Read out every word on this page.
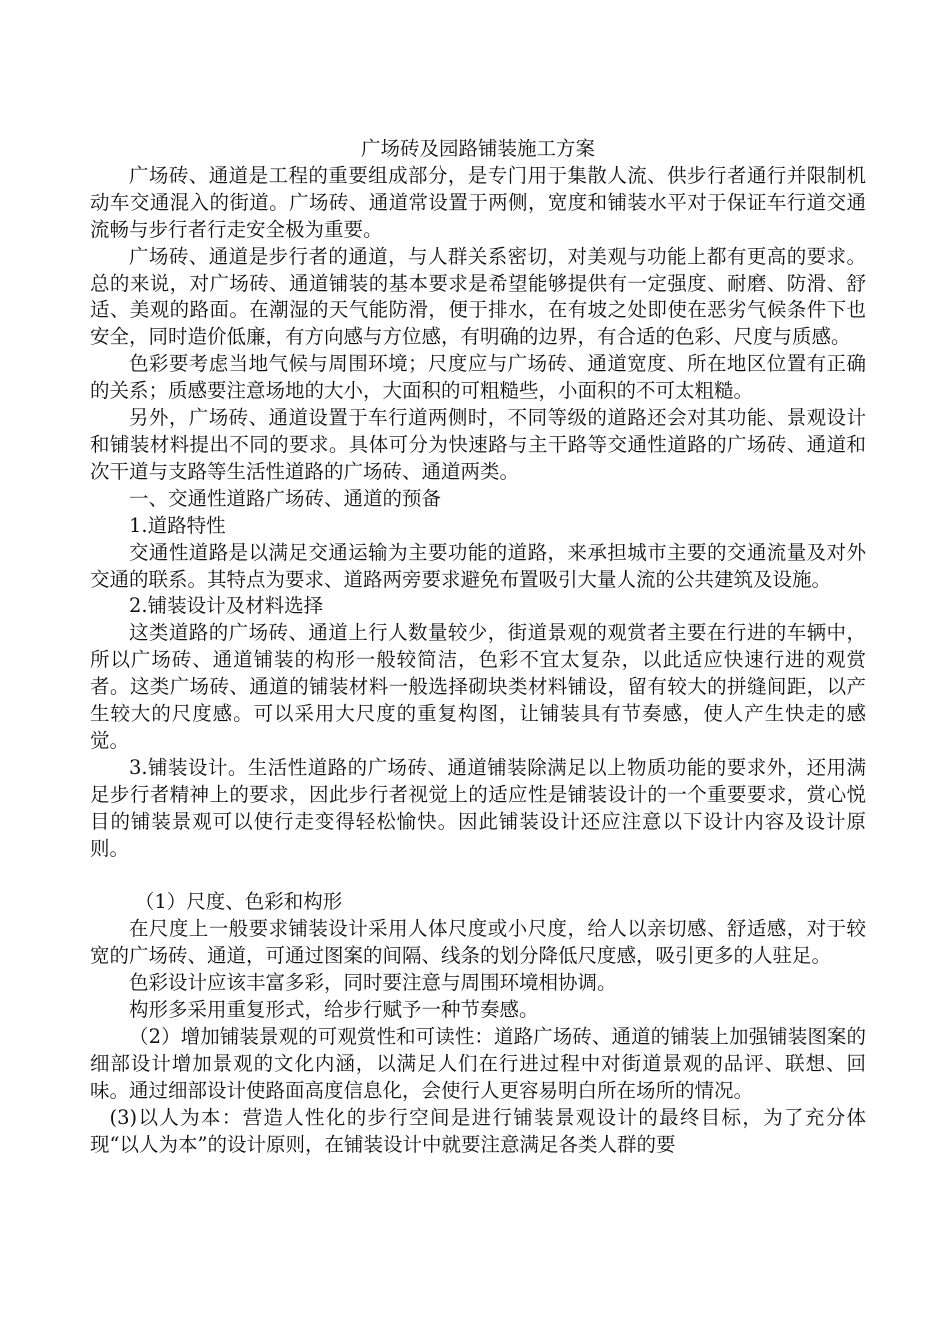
广场砖及园路铺装施工方案

广场砖、通道是工程的重要组成部分，是专门用于集散人流、供步行者通行并限制机动车交通混入的街道。广场砖、通道常设置于两侧，宽度和铺装水平对于保证车行道交通流畅与步行者行走安全极为重要。

广场砖、通道是步行者的通道，与人群关系密切，对美观与功能上都有更高的要求。总的来说，对广场砖、通道铺装的基本要求是希望能够提供有一定强度、耐磨、防滑、舒适、美观的路面。在潮湿的天气能防滑，便于排水，在有坡之处即使在恶劣气候条件下也安全，同时造价低廉，有方向感与方位感，有明确的边界，有合适的色彩、尺度与质感。

色彩要考虑当地气候与周围环境；尺度应与广场砖、通道宽度、所在地区位置有正确的关系；质感要注意场地的大小，大面积的可粗糙些，小面积的不可太粗糙。

另外，广场砖、通道设置于车行道两侧时，不同等级的道路还会对其功能、景观设计和铺装材料提出不同的要求。具体可分为快速路与主干路等交通性道路的广场砖、通道和次干道与支路等生活性道路的广场砖、通道两类。

一、交通性道路广场砖、通道的预备

1.道路特性

交通性道路是以满足交通运输为主要功能的道路，来承担城市主要的交通流量及对外交通的联系。其特点为要求、道路两旁要求避免布置吸引大量人流的公共建筑及设施。

2.铺装设计及材料选择

这类道路的广场砖、通道上行人数量较少，街道景观的观赏者主要在行进的车辆中，所以广场砖、通道铺装的构形一般较简洁，色彩不宜太复杂，以此适应快速行进的观赏者。这类广场砖、通道的铺装材料一般选择砌块类材料铺设，留有较大的拼缝间距，以产生较大的尺度感。可以采用大尺度的重复构图，让铺装具有节奏感，使人产生快走的感觉。

3.铺装设计。生活性道路的广场砖、通道铺装除满足以上物质功能的要求外，还用满足步行者精神上的要求，因此步行者视觉上的适应性是铺装设计的一个重要要求，赏心悦目的铺装景观可以使行走变得轻松愉快。因此铺装设计还应注意以下设计内容及设计原则。

（1）尺度、色彩和构形

在尺度上一般要求铺装设计采用人体尺度或小尺度，给人以亲切感、舒适感，对于较宽的广场砖、通道，可通过图案的间隔、线条的划分降低尺度感，吸引更多的人驻足。

色彩设计应该丰富多彩，同时要注意与周围环境相协调。

构形多采用重复形式，给步行赋予一种节奏感。

（2）增加铺装景观的可观赏性和可读性：道路广场砖、通道的铺装上加强铺装图案的细部设计增加景观的文化内涵，以满足人们在行进过程中对街道景观的品评、联想、回味。通过细部设计使路面高度信息化，会使行人更容易明白所在场所的情况。

(3)以人为本：营造人性化的步行空间是进行铺装景观设计的最终目标，为了充分体现“以人为本”的设计原则，在铺装设计中就要注意满足各类人群的要
